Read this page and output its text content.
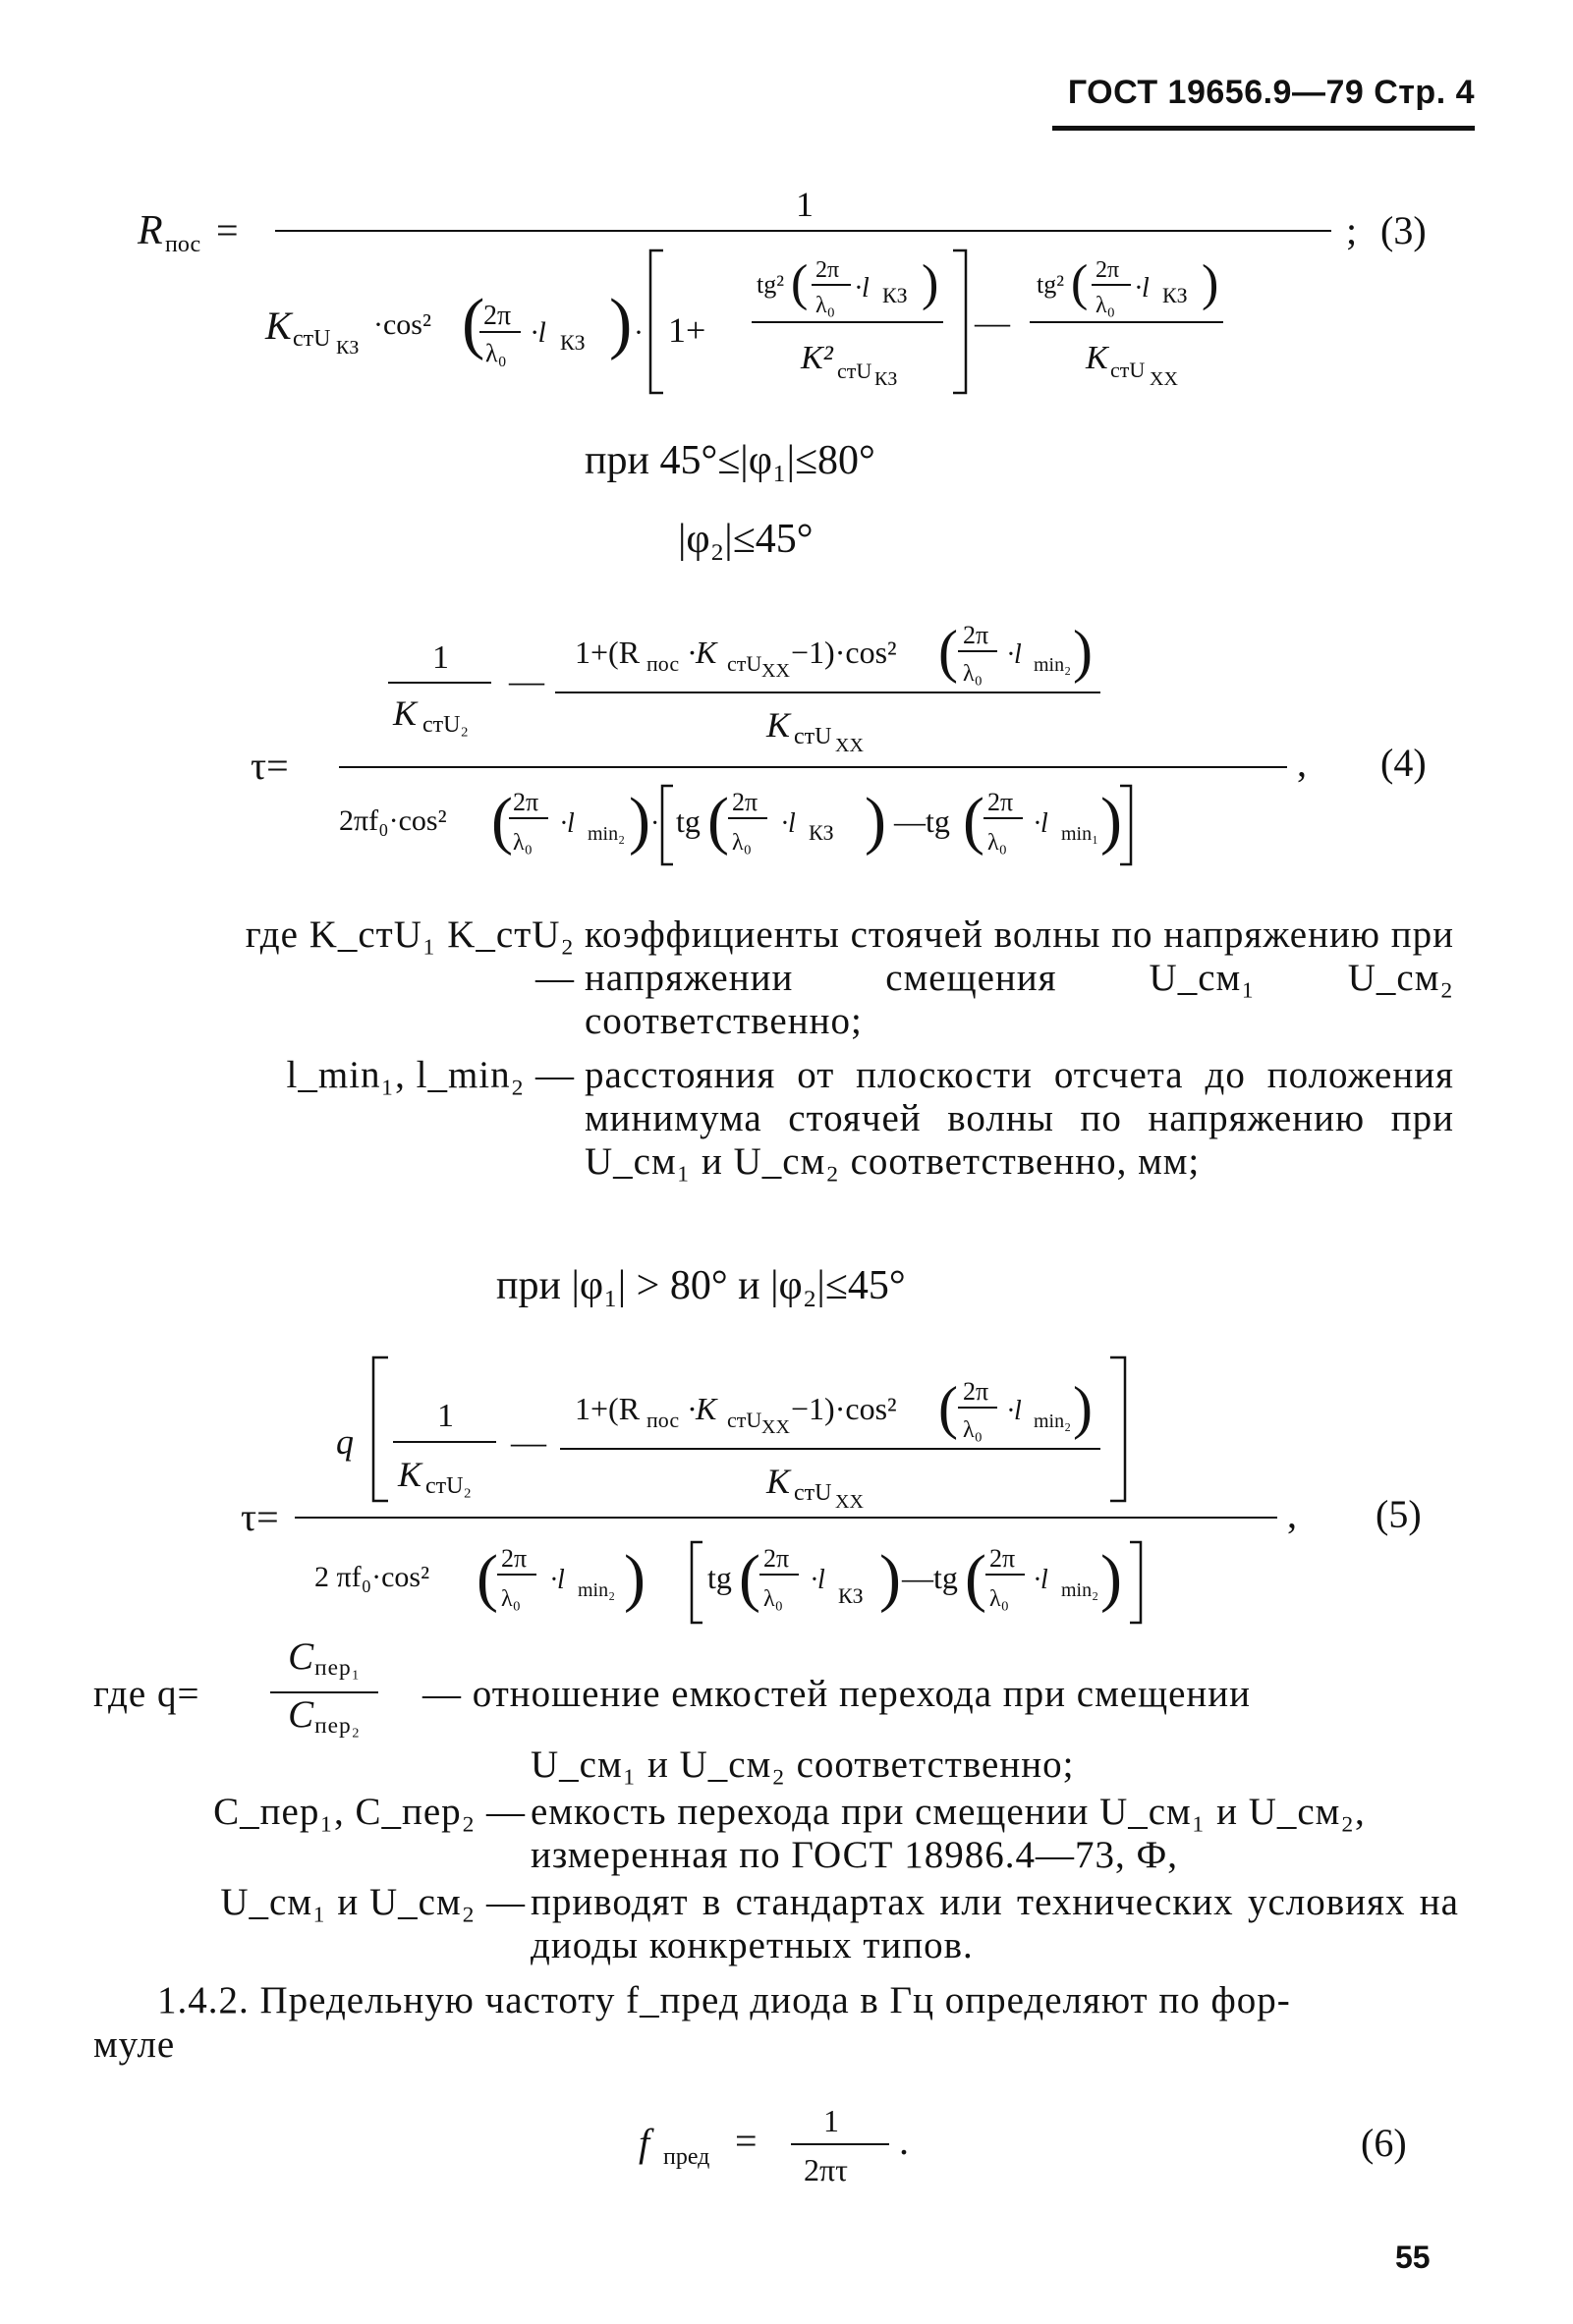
ГОСТ 19656.9—79 Стр. 4
R пос =
1
; (3)
K стU КЗ
·cos² (
2π
λ₀
·l КЗ ) · 1+
tg² ( 2π
λ₀
·l КЗ )
K² стU КЗ
—
tg² ( 2π
λ₀
·l КЗ )
K стU XX
при 45°≤|φ₁|≤80°
|φ₂|≤45°
1
K стU₂
—
1+(R пос ·K стU XX
−1)·cos² ( 2π
λ₀
·l min₂ )
K стU XX
τ=	, (4)
2πf₀·cos² ( 2π
λ₀
·l min₂ ) · tg ( 2π
λ₀
·l КЗ ) —tg ( 2π
λ₀
·l min₁ )
где K_стU₁ K_стU₂ —
коэффициенты стоячей волны по напряжению при напряжении смещения U_см₁ U_см₂ соответственно;
l_min₁, l_min₂ — расстояния от плоскости отсчета до положения минимума стоячей волны по напряжению при U_см₁ и U_см₂ соответственно, мм;
при |φ₁| > 80° и |φ₂|≤45°
q
1
K стU₂
—
1+(R пос ·K стU XX
−1)·cos² ( 2π
λ₀
·l min₂ )
K стU XX
τ=	, (5)
2 πf₀·cos² ( 2π
λ₀
·l min₂ ) tg ( 2π
λ₀
·l
КЗ ) —tg ( 2π
λ₀
·l min₂ )
где q=
$C_{пер_1}$
$C_{пер_2}$
— отношение емкостей перехода при смещении
U_см₁ и U_см₂ соответственно;
C_пер₁, C_пер₂ — емкость перехода при смещении U_см₁ и U_см₂,
измеренная по ГОСТ 18986.4—73, Ф,
U_см₁ и U_см₂ — приводят в стандартах или технических условиях на диоды конкретных типов.
1.4.2. Предельную частоту f_пред диода в Гц определяют по фор-
муле
f пред = 1
2πτ
.	(6)
55
